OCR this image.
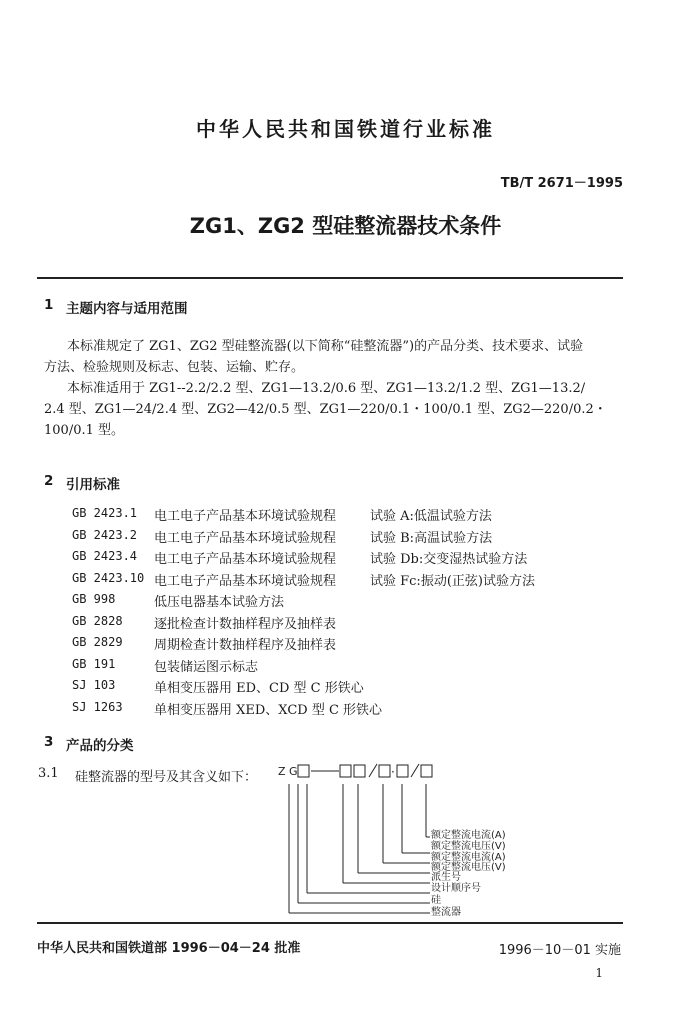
中华人民共和国铁道行业标准
TB/T 2671－1995
ZG1、ZG2 型硅整流器技术条件
1 主题内容与适用范围
本标准规定了 ZG1、ZG2 型硅整流器(以下简称“硅整流器”)的产品分类、技术要求、试验
方法、检验规则及标志、包装、运输、贮存。
本标准适用于 ZG1--2.2/2.2 型、ZG1—13.2/0.6 型、ZG1—13.2/1.2 型、ZG1—13.2/
2.4 型、ZG1—24/2.4 型、ZG2—42/0.5 型、ZG1—220/0.1・100/0.1 型、ZG2—220/0.2・
100/0.1 型。
2 引用标准
GB 2423.1 电工电子产品基本环境试验规程	试验 A:低温试验方法
GB 2423.2 电工电子产品基本环境试验规程	试验 B:高温试验方法
GB 2423.4 电工电子产品基本环境试验规程	试验 Db:交变湿热试验方法
GB 2423.10 电工电子产品基本环境试验规程	试验 Fc:振动(正弦)试验方法
GB 998	低压电器基本试验方法
GB 2828 逐批检查计数抽样程序及抽样表
GB 2829 周期检查计数抽样程序及抽样表
GB 191	包装储运图示标志
SJ 103	单相变压器用 ED、CD 型 C 形铁心
SJ 1263 单相变压器用 XED、XCD 型 C 形铁心
3 产品的分类
3.1 硅整流器的型号及其含义如下： Z G	·
额定整流电流(A)
额定整流电压(V)
额定整流电流(A)
额定整流电压(V)
派生号
设计顺序号
硅
整流器
中华人民共和国铁道部 1996－04－24 批准	1996－10－01 实施
1
